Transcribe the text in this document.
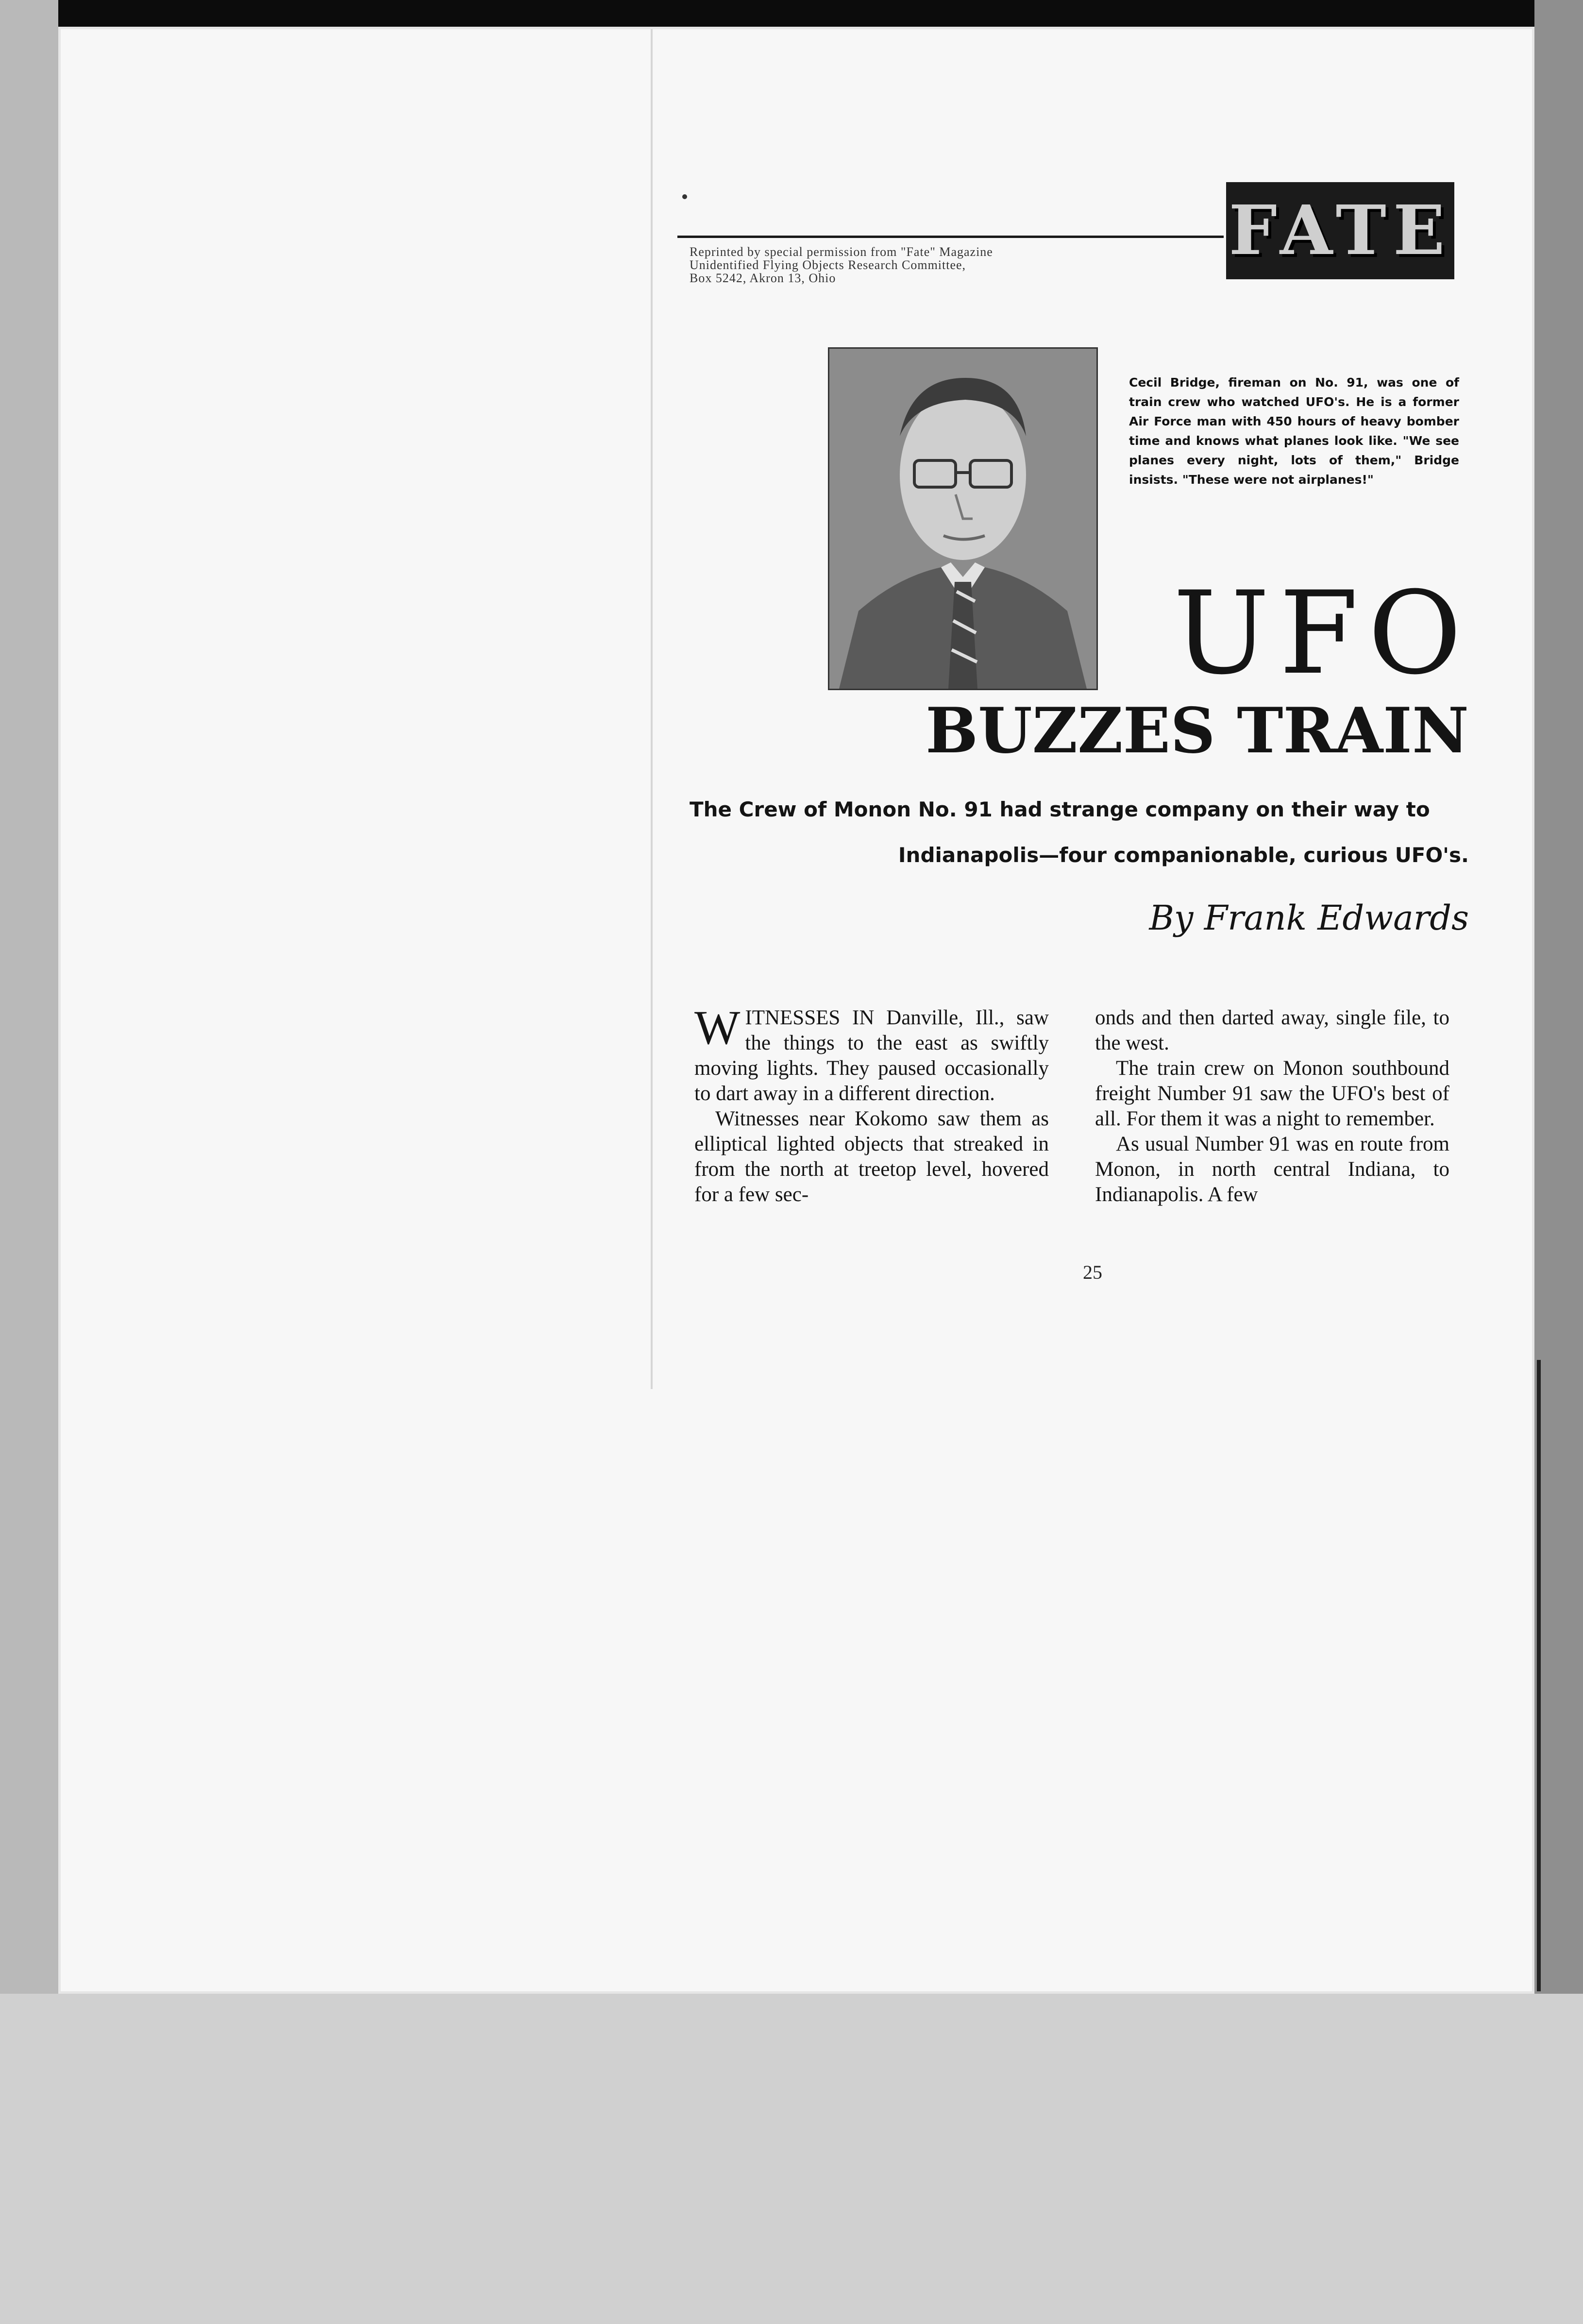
Reprinted by special permission from "Fate" Magazine
Unidentified Flying Objects Research Committee,
Box 5242, Akron 13, Ohio
FATE
Cecil Bridge, fireman on No. 91, was one of train crew who watched UFO's. He is a former Air Force man with 450 hours of heavy bomber time and knows what planes look like. "We see planes every night, lots of them," Bridge insists. "These were not airplanes!"
UFO
BUZZES TRAIN
The Crew of Monon No. 91 had strange company on their way to
Indianapolis—four companionable, curious UFO's.
By Frank Edwards

WITNESSES IN Danville, Ill., saw the things to the east as swiftly moving lights. They paused occasionally to dart away in a different direction.

Witnesses near Kokomo saw them as elliptical lighted objects that streaked in from the north at treetop level, hovered for a few sec-

onds and then darted away, single file, to the west.

The train crew on Monon southbound freight Number 91 saw the UFO's best of all. For them it was a night to remember.

As usual Number 91 was en route from Monon, in north central Indiana, to Indianapolis. A few

25
